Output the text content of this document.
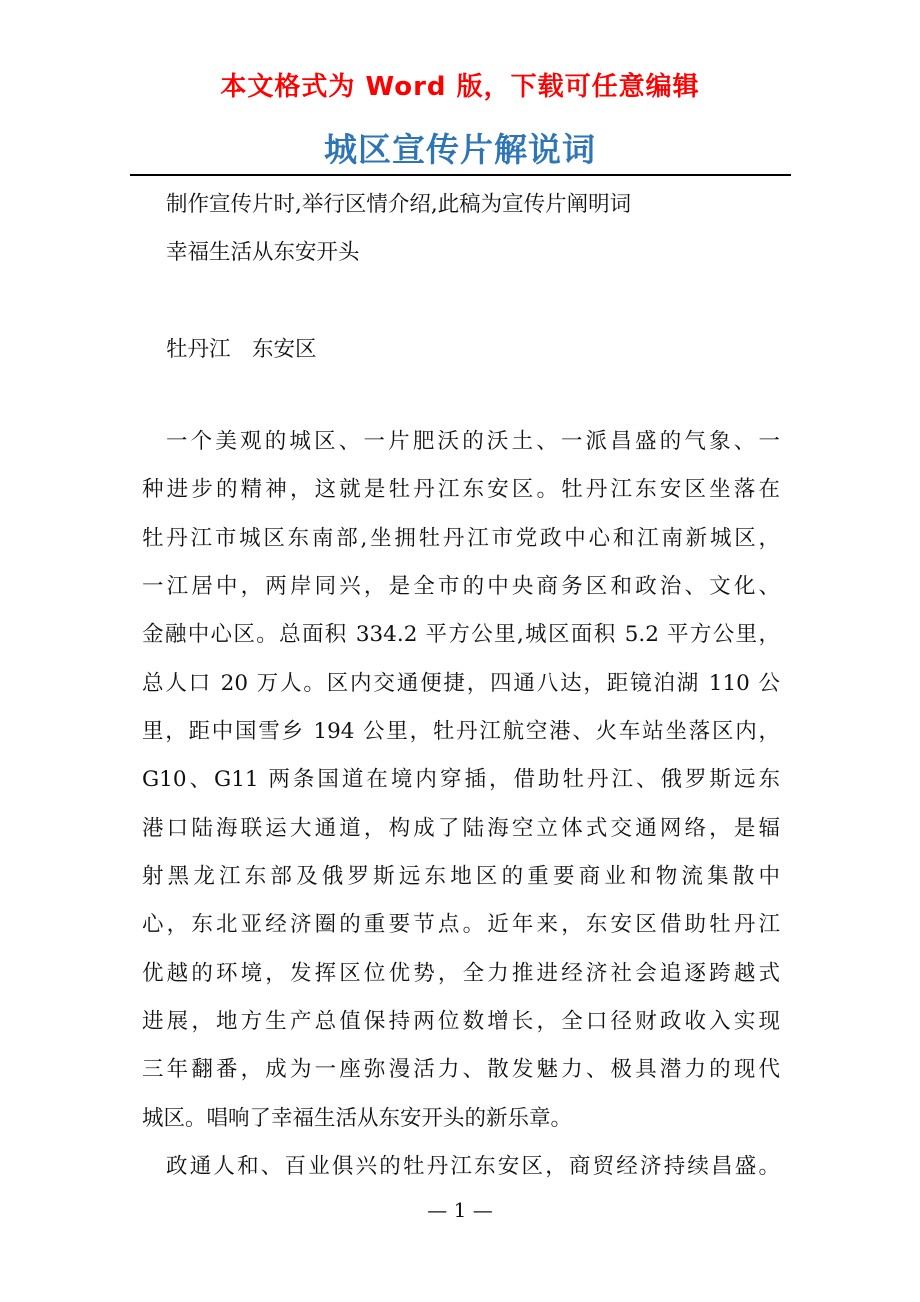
本文格式为 Word 版，下载可任意编辑
城区宣传片解说词
制作宣传片时,举行区情介绍,此稿为宣传片阐明词
幸福生活从东安开头
牡丹江　东安区
一个美观的城区、一片肥沃的沃土、一派昌盛的气象、一
种进步的精神，这就是牡丹江东安区。牡丹江东安区坐落在
牡丹江市城区东南部,坐拥牡丹江市党政中心和江南新城区，
一江居中，两岸同兴，是全市的中央商务区和政治、文化、
金融中心区。总面积 334.2 平方公里,城区面积 5.2 平方公里，
总人口 20 万人。区内交通便捷，四通八达，距镜泊湖 110 公
里，距中国雪乡 194 公里，牡丹江航空港、火车站坐落区内，
G10、G11 两条国道在境内穿插，借助牡丹江、俄罗斯远东
港口陆海联运大通道，构成了陆海空立体式交通网络，是辐
射黑龙江东部及俄罗斯远东地区的重要商业和物流集散中
心，东北亚经济圈的重要节点。近年来，东安区借助牡丹江
优越的环境，发挥区位优势，全力推进经济社会追逐跨越式
进展，地方生产总值保持两位数增长，全口径财政收入实现
三年翻番，成为一座弥漫活力、散发魅力、极具潜力的现代
城区。唱响了幸福生活从东安开头的新乐章。
政通人和、百业俱兴的牡丹江东安区，商贸经济持续昌盛。
— 1 —
